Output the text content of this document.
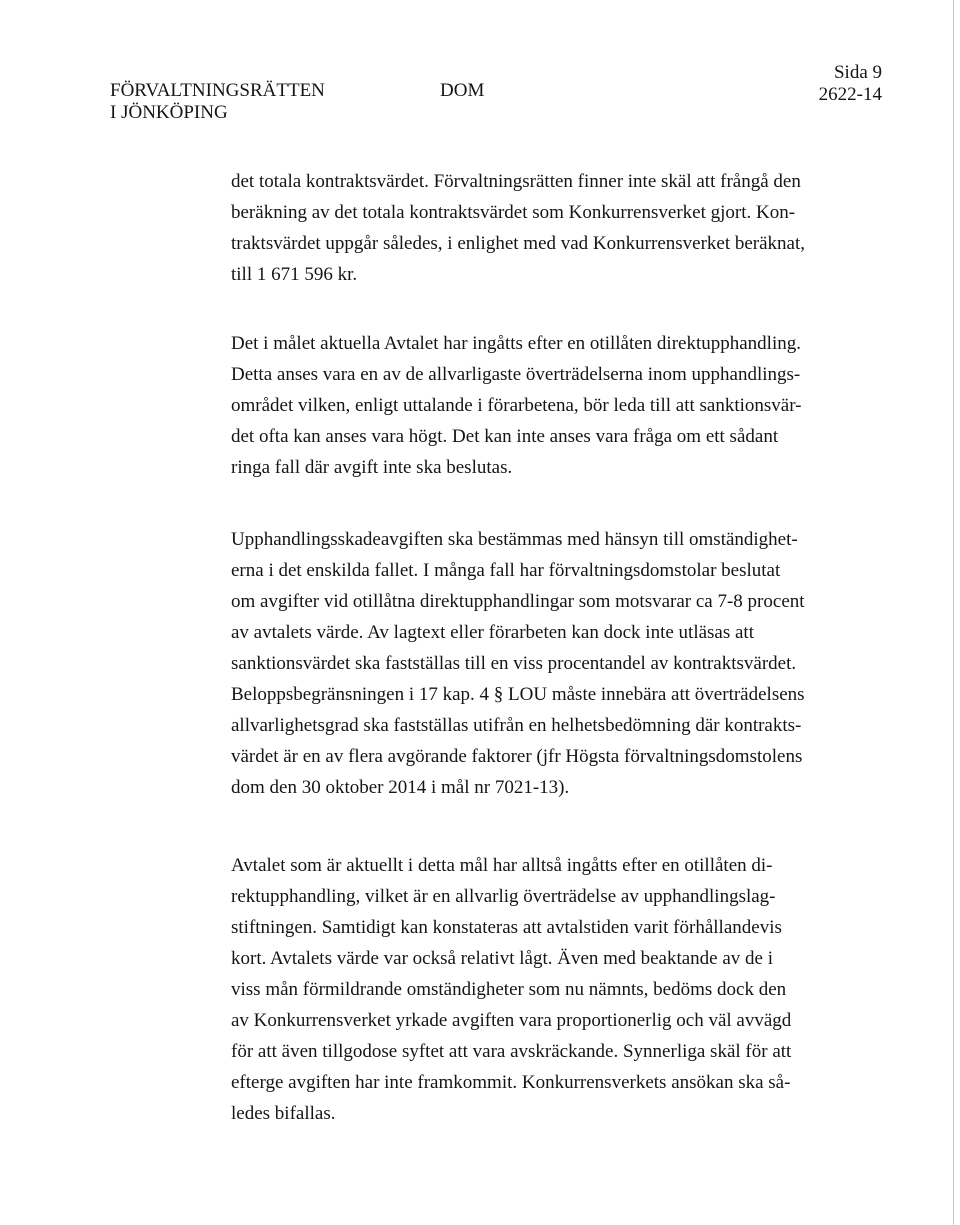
FÖRVALTNINGSRÄTTEN
I JÖNKÖPING
DOM
Sida 9
2622-14
det totala kontraktsvärdet. Förvaltningsrätten finner inte skäl att frångå den
beräkning av det totala kontraktsvärdet som Konkurrensverket gjort. Kon-
traktsvärdet uppgår således, i enlighet med vad Konkurrensverket beräknat,
till 1 671 596 kr.
Det i målet aktuella Avtalet har ingåtts efter en otillåten direktupphandling.
Detta anses vara en av de allvarligaste överträdelserna inom upphandlings-
området vilken, enligt uttalande i förarbetena, bör leda till att sanktionsvär-
det ofta kan anses vara högt. Det kan inte anses vara fråga om ett sådant
ringa fall där avgift inte ska beslutas.
Upphandlingsskadeavgiften ska bestämmas med hänsyn till omständighet-
erna i det enskilda fallet. I många fall har förvaltningsdomstolar beslutat
om avgifter vid otillåtna direktupphandlingar som motsvarar ca 7-8 procent
av avtalets värde. Av lagtext eller förarbeten kan dock inte utläsas att
sanktionsvärdet ska fastställas till en viss procentandel av kontraktsvärdet.
Beloppsbegränsningen i 17 kap. 4 § LOU måste innebära att överträdelsens
allvarlighetsgrad ska fastställas utifrån en helhetsbedömning där kontrakts-
värdet är en av flera avgörande faktorer (jfr Högsta förvaltningsdomstolens
dom den 30 oktober 2014 i mål nr 7021-13).
Avtalet som är aktuellt i detta mål har alltså ingåtts efter en otillåten di-
rektupphandling, vilket är en allvarlig överträdelse av upphandlingslag-
stiftningen. Samtidigt kan konstateras att avtalstiden varit förhållandevis
kort. Avtalets värde var också relativt lågt. Även med beaktande av de i
viss mån förmildrande omständigheter som nu nämnts, bedöms dock den
av Konkurrensverket yrkade avgiften vara proportionerlig och väl avvägd
för att även tillgodose syftet att vara avskräckande. Synnerliga skäl för att
efterge avgiften har inte framkommit. Konkurrensverkets ansökan ska så-
ledes bifallas.
